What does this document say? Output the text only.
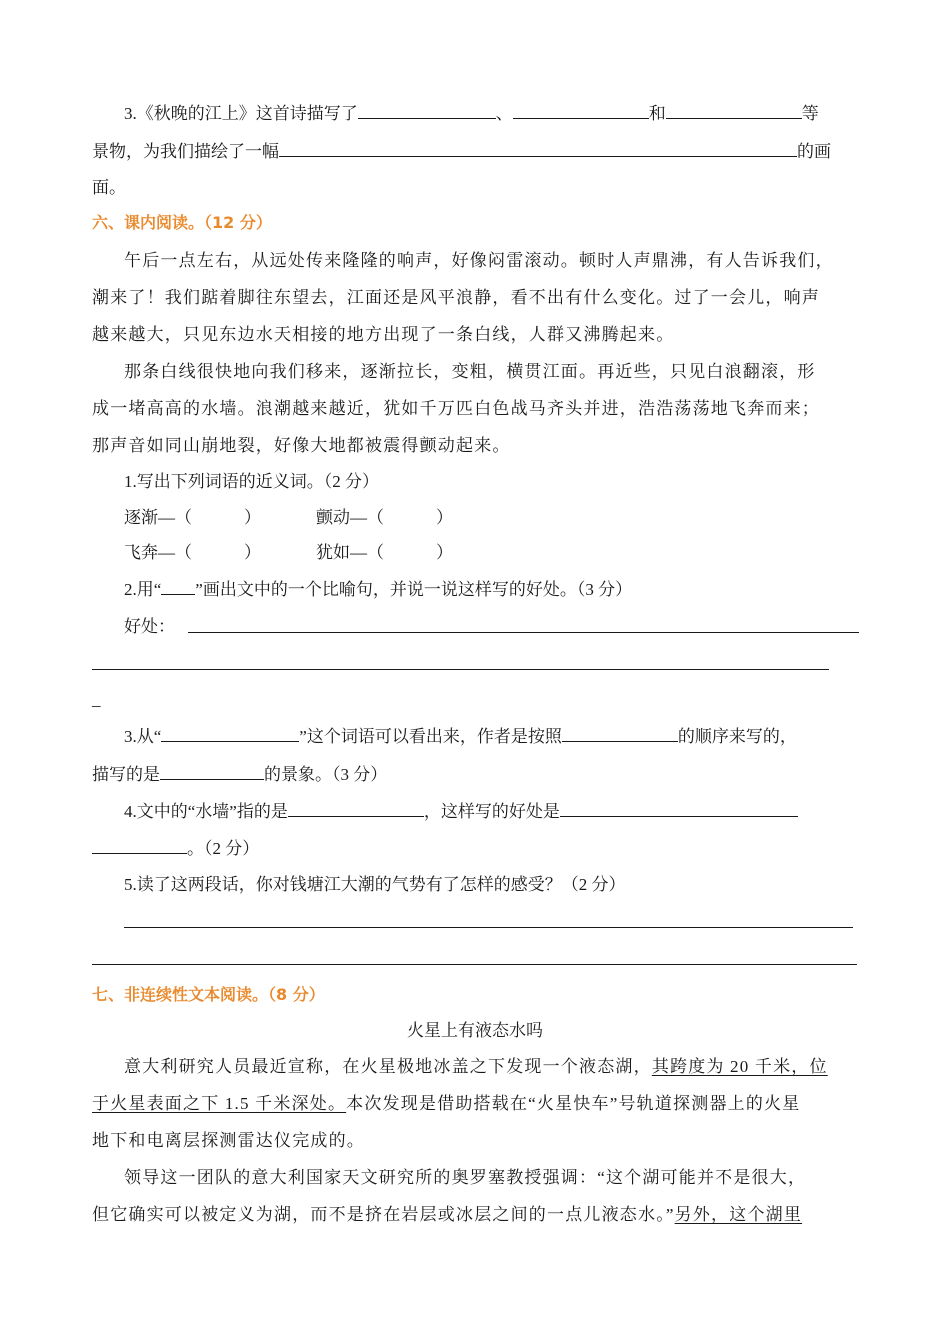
3.《秋晚的江上》这首诗描写了	、	和	等
景物，为我们描绘了一幅	的画
面。
六、课内阅读。（12 分）
午后一点左右，从远处传来隆隆的响声，好像闷雷滚动。顿时人声鼎沸，有人告诉我们，
潮来了！我们踮着脚往东望去，江面还是风平浪静，看不出有什么变化。过了一会儿，响声
越来越大，只见东边水天相接的地方出现了一条白线，人群又沸腾起来。
那条白线很快地向我们移来，逐渐拉长，变粗，横贯江面。再近些，只见白浪翻滚，形
成一堵高高的水墙。浪潮越来越近，犹如千万匹白色战马齐头并进，浩浩荡荡地飞奔而来；
那声音如同山崩地裂，好像大地都被震得颤动起来。
1.写出下列词语的近义词。（2 分）
逐渐—（	）	颤动—（	）
飞奔—（	）	犹如—（	）
2.用“ ”画出文中的一个比喻句，并说一说这样写的好处。（3 分）
好处：
_
3.从“	”这个词语可以看出来，作者是按照	的顺序来写的，
描写的是	的景象。（3 分）
4.文中的“水墙”指的是	，这样写的好处是
。（2 分）
5.读了这两段话，你对钱塘江大潮的气势有了怎样的感受？（2 分）
七、非连续性文本阅读。（8 分）
火星上有液态水吗
意大利研究人员最近宣称，在火星极地冰盖之下发现一个液态湖，其跨度为 20 千米，位
于火星表面之下 1.5 千米深处。本次发现是借助搭载在“火星快车”号轨道探测器上的火星
地下和电离层探测雷达仪完成的。
领导这一团队的意大利国家天文研究所的奥罗塞教授强调：“这个湖可能并不是很大，
但它确实可以被定义为湖，而不是挤在岩层或冰层之间的一点儿液态水。”另外，这个湖里
